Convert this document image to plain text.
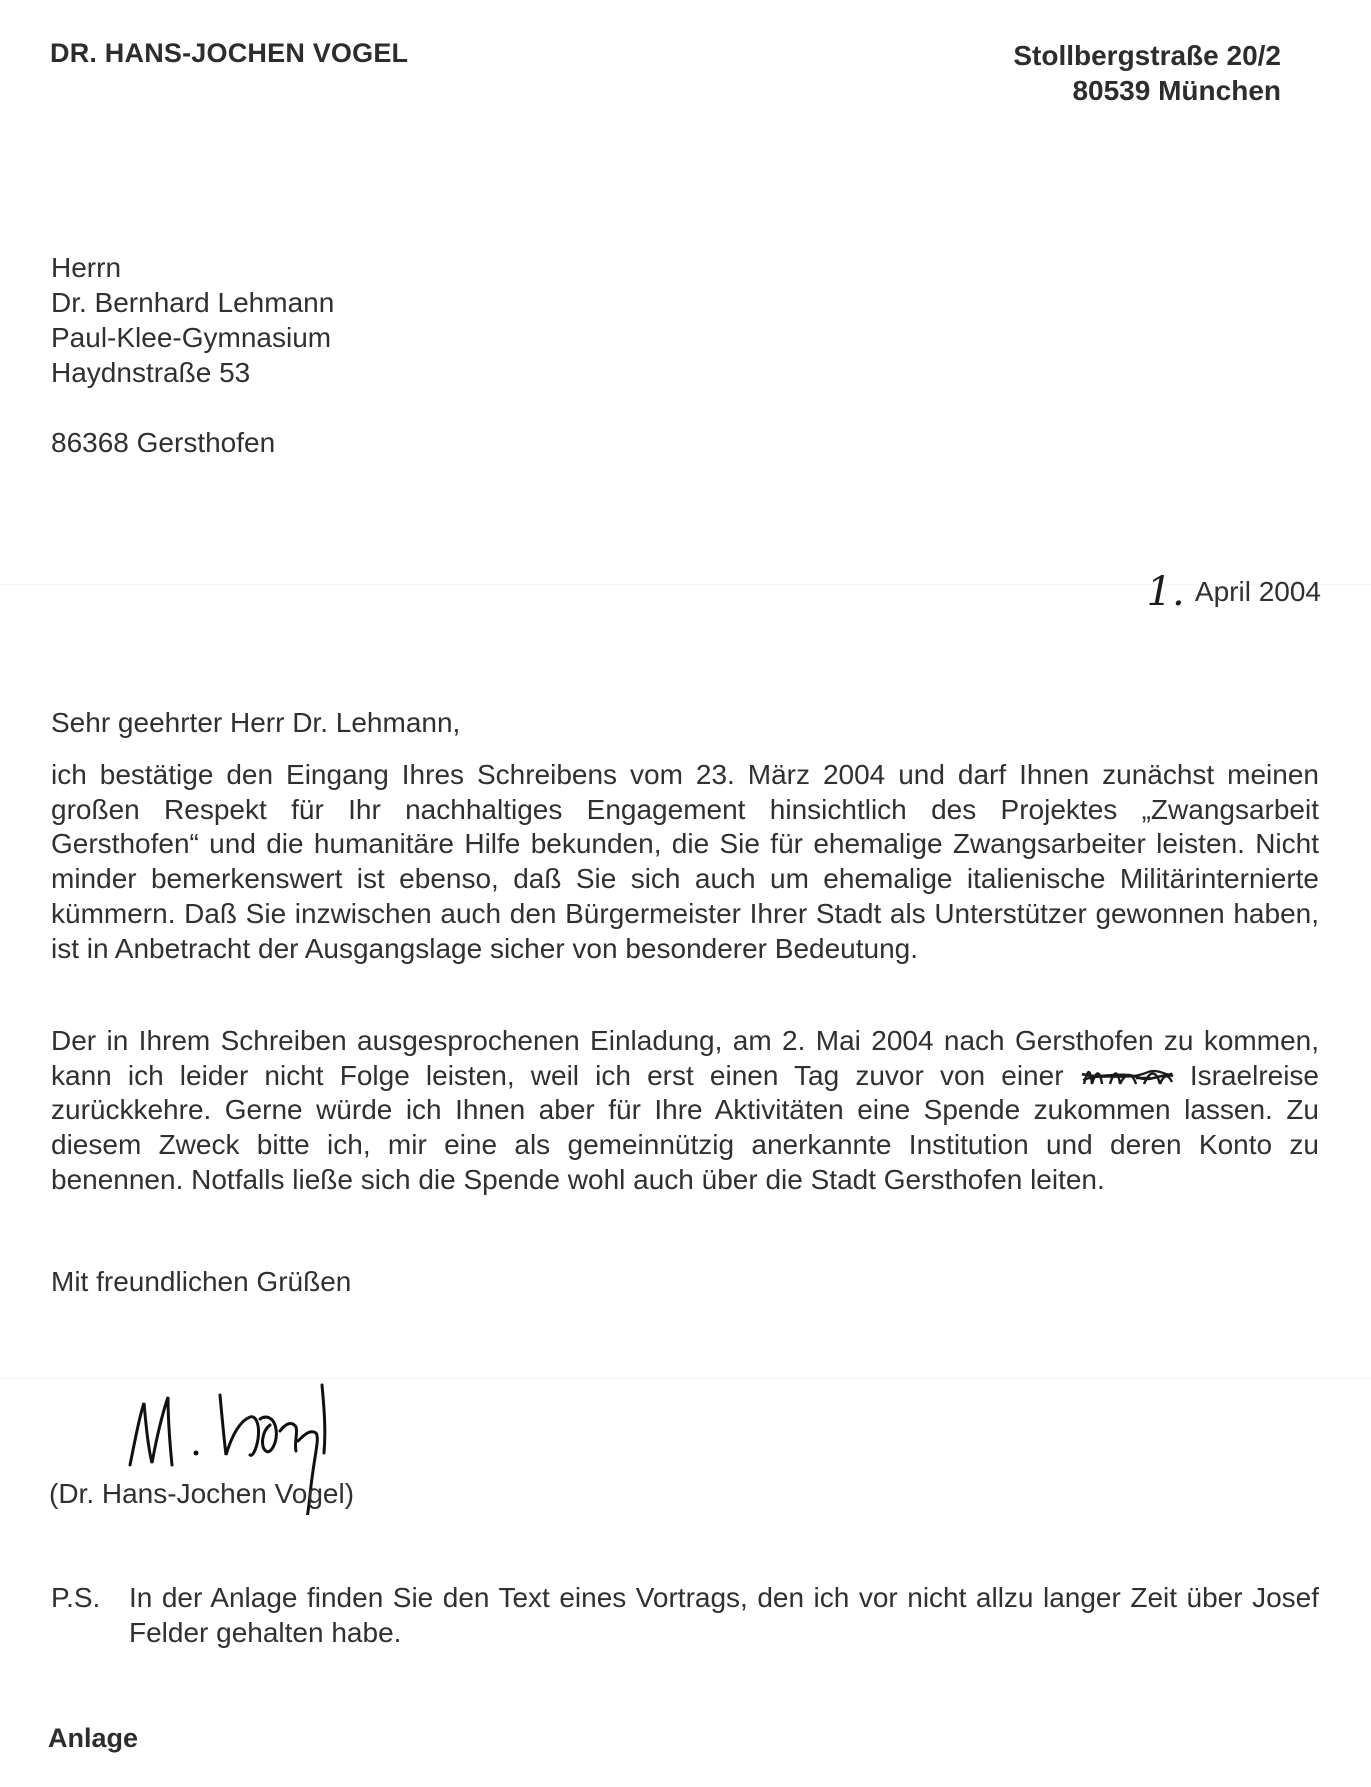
DR. HANS-JOCHEN VOGEL	Stollbergstraße 20/2
80539 München
Herrn
Dr. Bernhard Lehmann
Paul-Klee-Gymnasium
Haydnstraße 53
86368 Gersthofen
1. April 2004
Sehr geehrter Herr Dr. Lehmann,
ich bestätige den Eingang Ihres Schreibens vom 23. März 2004 und darf Ihnen zunächst meinen großen Respekt für Ihr nachhaltiges Engagement hinsichtlich des Projektes „Zwangsarbeit Gersthofen“ und die humanitäre Hilfe bekunden, die Sie für ehemalige Zwangsarbeiter leisten. Nicht minder bemerkenswert ist ebenso, daß Sie sich auch um ehemalige italienische Militärinternierte kümmern. Daß Sie inzwischen auch den Bürgermeister Ihrer Stadt als Unterstützer gewonnen haben, ist in Anbetracht der Ausgangslage sicher von besonderer Bedeutung.
Der in Ihrem Schreiben ausgesprochenen Einladung, am 2. Mai 2004 nach Gersthofen zu kommen, kann ich leider nicht Folge leisten, weil ich erst einen Tag zuvor von einer	Israelreise zurückkehre. Gerne würde ich Ihnen aber für Ihre Aktivitäten eine Spende zukommen lassen. Zu diesem Zweck bitte ich, mir eine als gemeinnützig anerkannte Institution und deren Konto zu benennen. Notfalls ließe sich die Spende wohl auch über die Stadt Gersthofen leiten.
Mit freundlichen Grüßen
(Dr. Hans-Jochen Vogel)
P.S.	In der Anlage finden Sie den Text eines Vortrags, den ich vor nicht allzu langer Zeit über Josef Felder gehalten habe.
Anlage
